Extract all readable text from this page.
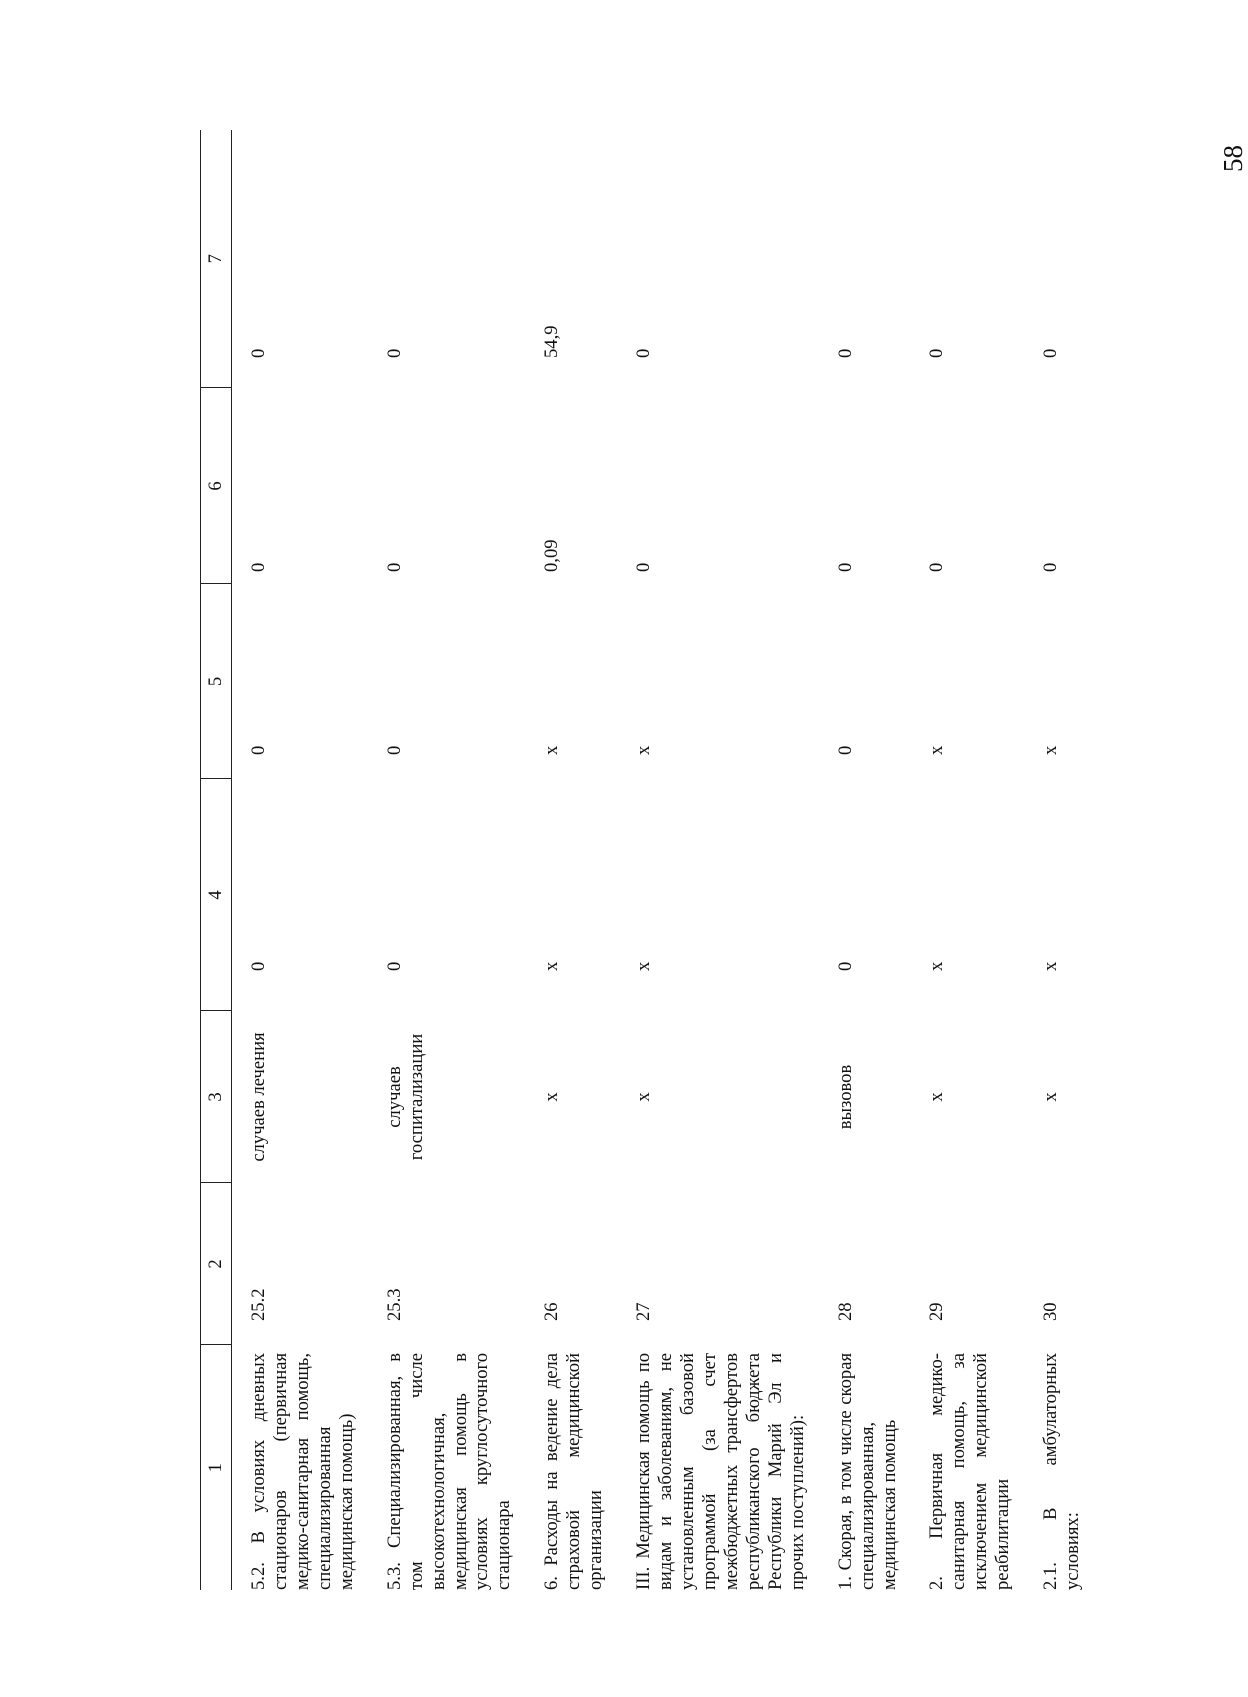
58
1	2	3	4	5	6	7
5.2. В условиях дневных стационаров (первичная медико-санитарная помощь, специализированная медицинская помощь)	25.2	случаев лечения	0	0	0	0
5.3. Специализированная, в том числе высокотехнологичная, медицинская помощь в условиях круглосуточного стационара	25.3	случаев госпитализации	0	0	0	0
6. Расходы на ведение дела страховой медицинской организации	26	x	x	x	0,09	54,9
III. Медицинская помощь по видам и заболеваниям, не установленным базовой программой (за счет межбюджетных трансфертов республиканского бюджета Республики Марий Эл и прочих поступлений):	27	x	x	x	0	0
1. Скорая, в том числе скорая специализированная, медицинская помощь	28	вызовов	0	0	0	0
2. Первичная медико-санитарная помощь, за исключением медицинской реабилитации	29	x	x	x	0	0
2.1. В амбулаторных условиях:	30	x	x	x	0	0
